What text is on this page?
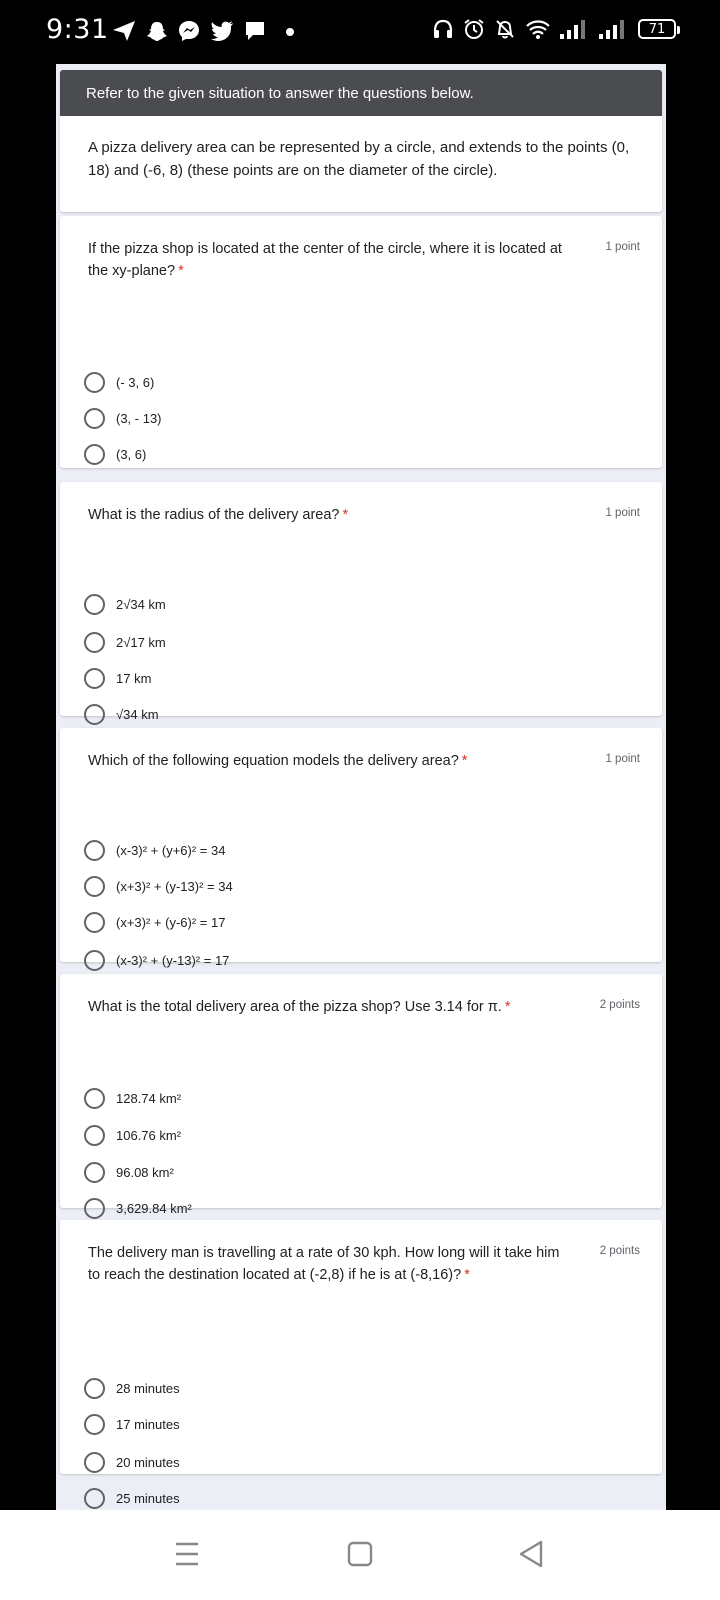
9:31	71
Refer to the given situation to answer the questions below.
A pizza delivery area can be represented by a circle, and extends to the points (0, 18) and (-6, 8) (these points are on the diameter of the circle).
If the pizza shop is located at the center of the circle, where it is located at the xy-plane? *
1 point
(- 3, 6)
(3, - 13)
(3, 6)
What is the radius of the delivery area? *	1 point
2√34 km
2√17 km
17 km
√34 km
Which of the following equation models the delivery area? *	1 point
(x-3)² + (y+6)² = 34
(x+3)² + (y-13)² = 34
(x+3)² + (y-6)² = 17
(x-3)² + (y-13)² = 17
What is the total delivery area of the pizza shop? Use 3.14 for π. *	2 points
128.74 km²
106.76 km²
96.08 km²
3,629.84 km²
The delivery man is travelling at a rate of 30 kph. How long will it take him to reach the destination located at (-2,8) if he is at (-8,16)? *
2 points
28 minutes
17 minutes
20 minutes
25 minutes
